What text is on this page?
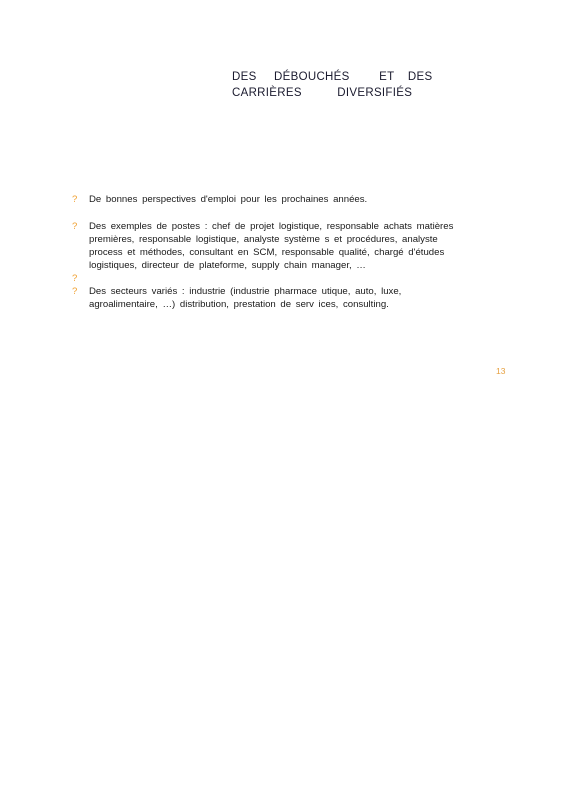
DES DÉBOUCHÉS	ET DES
CARRIÈRES	DIVERSIFIÉS
?	De bonnes perspectives d'emploi pour les prochaines années.
?	Des exemples de postes : chef de projet logistique, responsable achats matières premières, responsable logistique, analyste système s et procédures, analyste process et méthodes, consultant en SCM, responsable qualité, chargé d'études logistiques, directeur de plateforme, supply chain manager, …
?

?	Des secteurs variés : industrie (industrie pharmace utique, auto, luxe, agroalimentaire, …) distribution, prestation de serv ices, consulting.
13
